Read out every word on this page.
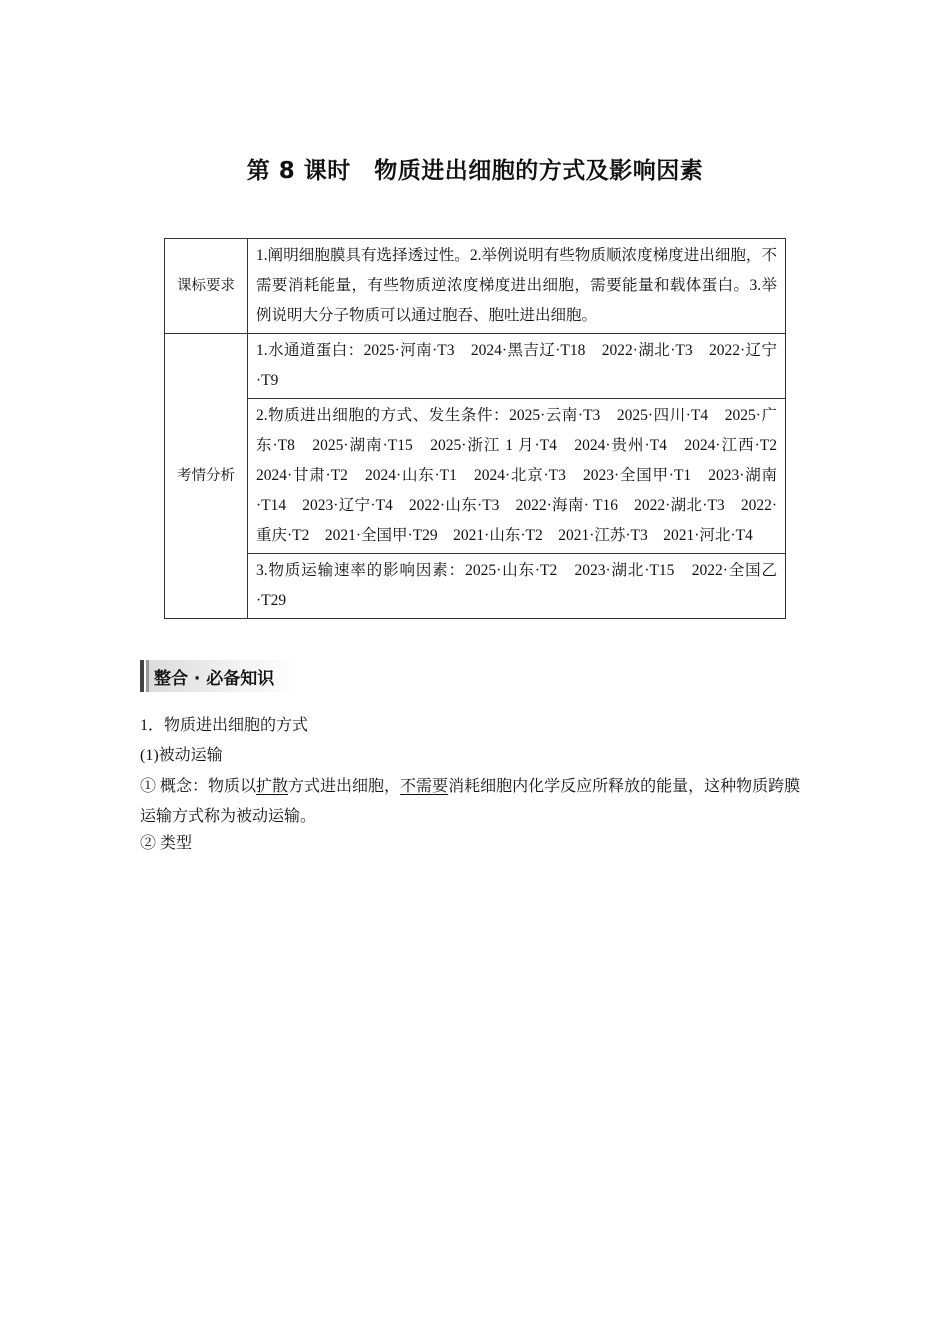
第 8 课时　物质进出细胞的方式及影响因素
课标要求	1.阐明细胞膜具有选择透过性。2.举例说明有些物质顺浓度梯度进出细胞，不需要消耗能量，有些物质逆浓度梯度进出细胞，需要能量和载体蛋白。3.举例说明大分子物质可以通过胞吞、胞吐进出细胞。

考情分析	1.水通道蛋白：2025·河南·T3　2024·黑吉辽·T18　2022·湖北·T3　2022·辽宁·T9

	2.物质进出细胞的方式、发生条件：2025·云南·T3　2025·四川·T4　2025·广东·T8　2025·湖南·T15　2025·浙江 1 月·T4　2024·贵州·T4　2024·江西·T2　2024·甘肃·T2　2024·山东·T1　2024·北京·T3　2023·全国甲·T1　2023·湖南·T14　2023·辽宁·T4　2022·山东·T3　2022·海南· T16　2022·湖北·T3　2022·重庆·T2　2021·全国甲·T29　2021·山东·T2　2021·江苏·T3　2021·河北·T4

	3.物质运输速率的影响因素：2025·山东·T2　2023·湖北·T15　2022·全国乙·T29
整合 · 必备知识
1．物质进出细胞的方式
(1)被动运输
① 概念：物质以扩散方式进出细胞，不需要消耗细胞内化学反应所释放的能量，这种物质跨膜运输方式称为被动运输。
② 类型
